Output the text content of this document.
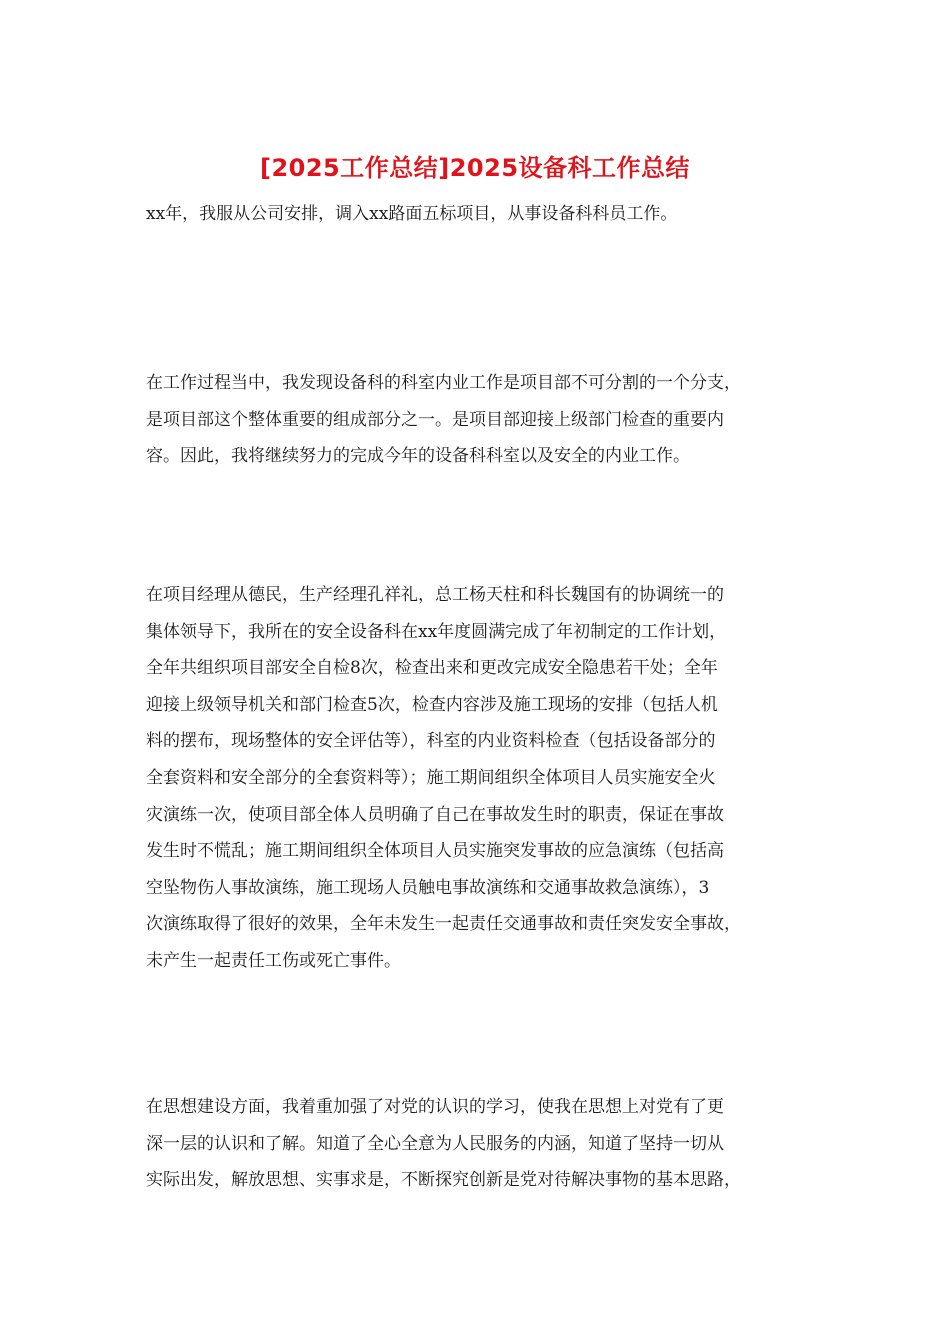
[2025工作总结]2025设备科工作总结
xx年，我服从公司安排，调入xx路面五标项目，从事设备科科员工作。
在工作过程当中，我发现设备科的科室内业工作是项目部不可分割的一个分支，
是项目部这个整体重要的组成部分之一。是项目部迎接上级部门检查的重要内
容。因此，我将继续努力的完成今年的设备科科室以及安全的内业工作。
在项目经理从德民，生产经理孔祥礼，总工杨天柱和科长魏国有的协调统一的
集体领导下，我所在的安全设备科在xx年度圆满完成了年初制定的工作计划，
全年共组织项目部安全自检8次，检查出来和更改完成安全隐患若干处；全年
迎接上级领导机关和部门检查5次，检查内容涉及施工现场的安排（包括人机
料的摆布，现场整体的安全评估等），科室的内业资料检查（包括设备部分的
全套资料和安全部分的全套资料等）；施工期间组织全体项目人员实施安全火
灾演练一次，使项目部全体人员明确了自己在事故发生时的职责，保证在事故
发生时不慌乱；施工期间组织全体项目人员实施突发事故的应急演练（包括高
空坠物伤人事故演练，施工现场人员触电事故演练和交通事故救急演练），3
次演练取得了很好的效果，全年未发生一起责任交通事故和责任突发安全事故，
未产生一起责任工伤或死亡事件。
在思想建设方面，我着重加强了对党的认识的学习，使我在思想上对党有了更
深一层的认识和了解。知道了全心全意为人民服务的内涵，知道了坚持一切从
实际出发，解放思想、实事求是，不断探究创新是党对待解决事物的基本思路，
